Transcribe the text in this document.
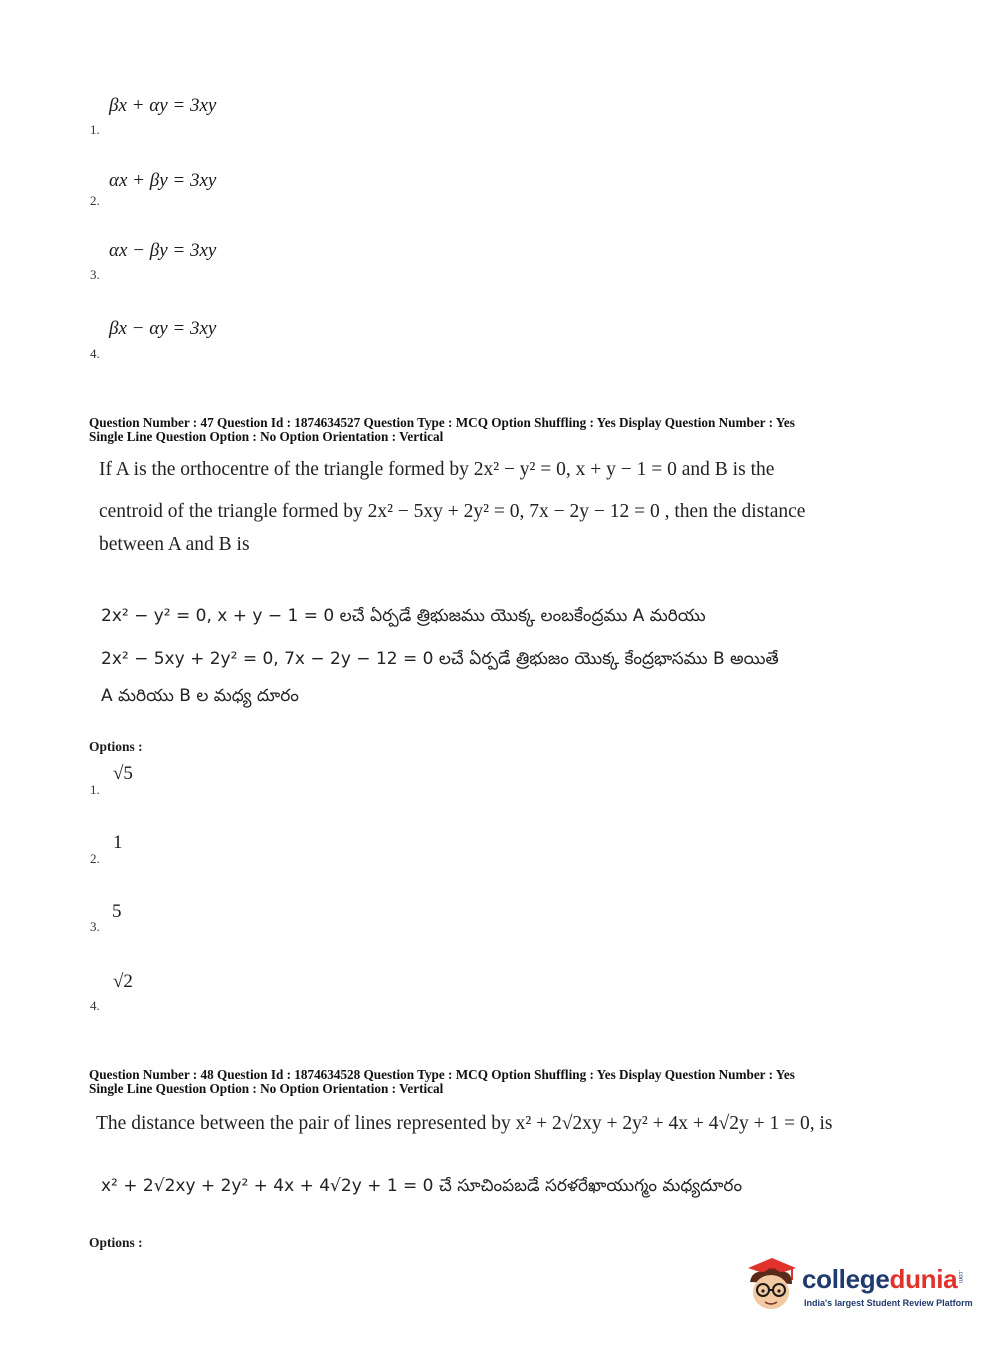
βx + αy = 3xy
1.
αx + βy = 3xy
2.
αx − βy = 3xy
3.
βx − αy = 3xy
4.
Question Number : 47 Question Id : 1874634527 Question Type : MCQ Option Shuffling : Yes Display Question Number : Yes
Single Line Question Option : No Option Orientation : Vertical
If A is the orthocentre of the triangle formed by 2x² − y² = 0, x + y − 1 = 0 and B is the
centroid of the triangle formed by 2x² − 5xy + 2y² = 0, 7x − 2y − 12 = 0 , then the distance
between A and B is
2x² − y² = 0, x + y − 1 = 0 లచే ఏర్పడే త్రిభుజము యొక్క లంబకేంద్రము A మరియు
2x² − 5xy + 2y² = 0, 7x − 2y − 12 = 0 లచే ఏర్పడే త్రిభుజం యొక్క కేంద్రభాసము B అయితే
A మరియు B ల మధ్య దూరం
Options :
√5
1.
1
2.
5
3.
√2
4.
Question Number : 48 Question Id : 1874634528 Question Type : MCQ Option Shuffling : Yes Display Question Number : Yes
Single Line Question Option : No Option Orientation : Vertical
The distance between the pair of lines represented by x² + 2√2xy + 2y² + 4x + 4√2y + 1 = 0, is
x² + 2√2xy + 2y² + 4x + 4√2y + 1 = 0 చే సూచింపబడే సరళరేఖాయుగ్మం మధ్యదూరం
Options :
collegedunia .com
India's largest Student Review Platform
